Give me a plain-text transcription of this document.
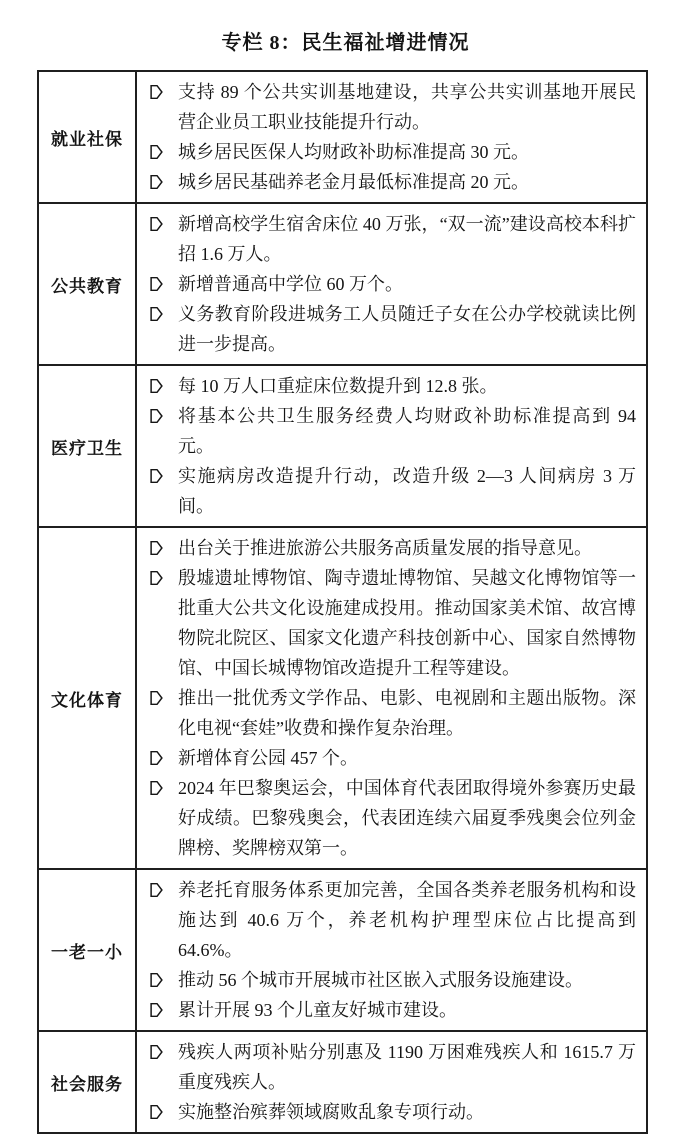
专栏 8：民生福祉增进情况
就业社保
支持 89 个公共实训基地建设，共享公共实训基地开展民营企业员工职业技能提升行动。
城乡居民医保人均财政补助标准提高 30 元。
城乡居民基础养老金月最低标准提高 20 元。
公共教育
新增高校学生宿舍床位 40 万张，“双一流”建设高校本科扩招 1.6 万人。
新增普通高中学位 60 万个。
义务教育阶段进城务工人员随迁子女在公办学校就读比例进一步提高。
医疗卫生
每 10 万人口重症床位数提升到 12.8 张。
将基本公共卫生服务经费人均财政补助标准提高到 94 元。
实施病房改造提升行动，改造升级 2—3 人间病房 3 万间。
文化体育
出台关于推进旅游公共服务高质量发展的指导意见。
殷墟遗址博物馆、陶寺遗址博物馆、吴越文化博物馆等一批重大公共文化设施建成投用。推动国家美术馆、故宫博物院北院区、国家文化遗产科技创新中心、国家自然博物馆、中国长城博物馆改造提升工程等建设。
推出一批优秀文学作品、电影、电视剧和主题出版物。深化电视“套娃”收费和操作复杂治理。
新增体育公园 457 个。
2024 年巴黎奥运会，中国体育代表团取得境外参赛历史最好成绩。巴黎残奥会，代表团连续六届夏季残奥会位列金牌榜、奖牌榜双第一。
一老一小
养老托育服务体系更加完善，全国各类养老服务机构和设施达到 40.6 万个，养老机构护理型床位占比提高到 64.6%。
推动 56 个城市开展城市社区嵌入式服务设施建设。
累计开展 93 个儿童友好城市建设。
社会服务
残疾人两项补贴分别惠及 1190 万困难残疾人和 1615.7 万重度残疾人。
实施整治殡葬领域腐败乱象专项行动。
